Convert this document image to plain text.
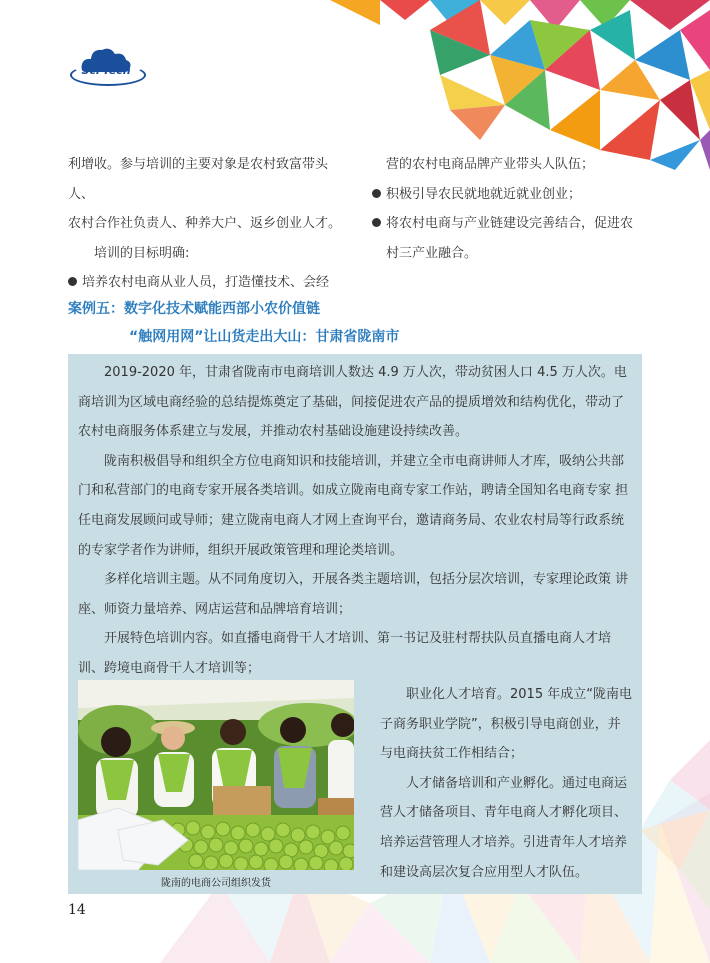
Sci-Tech

利增收。参与培训的主要对象是农村致富带头人、

农村合作社负责人、种养大户、返乡创业人才。

培训的目标明确:

培养农村电商从业人员，打造懂技术、会经

营的农村电商品牌产业带头人队伍；

积极引导农民就地就近就业创业；

将农村电商与产业链建设完善结合，促进农

村三产业融合。

案例五：数字化技术赋能西部小农价值链
“触网用网”让山货走出大山：甘肃省陇南市

2019-2020 年，甘肃省陇南市电商培训人数达 4.9 万人次，带动贫困人口 4.5 万人次。电商培训为区域电商经验的总结提炼奠定了基础，间接促进农产品的提质增效和结构优化，带动了农村电商服务体系建立与发展，并推动农村基础设施建设持续改善。

陇南积极倡导和组织全方位电商知识和技能培训，并建立全市电商讲师人才库，吸纳公共部门和私营部门的电商专家开展各类培训。如成立陇南电商专家工作站，聘请全国知名电商专家 担任电商发展顾问或导师；建立陇南电商人才网上查询平台，邀请商务局、农业农村局等行政系统的专家学者作为讲师，组织开展政策管理和理论类培训。

多样化培训主题。从不同角度切入，开展各类主题培训，包括分层次培训，专家理论政策 讲座、师资力量培养、网店运营和品牌培育培训；

开展特色培训内容。如直播电商骨干人才培训、第一书记及驻村帮扶队员直播电商人才培训、跨境电商骨干人才培训等；

陇南的电商公司组织发货

职业化人才培育。2015 年成立“陇南电子商务职业学院”，积极引导电商创业，并与电商扶贫工作相结合；

人才储备培训和产业孵化。通过电商运营人才储备项目、青年电商人才孵化项目、培养运营管理人才培养。引进青年人才培养和建设高层次复合应用型人才队伍。

14
